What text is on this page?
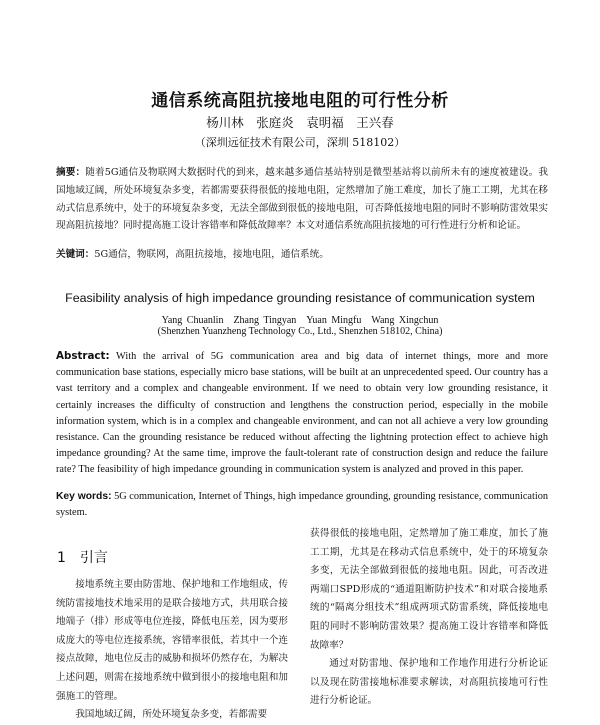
通信系统高阻抗接地电阻的可行性分析
杨川林　张庭炎　袁明福　王兴春
（深圳远征技术有限公司，深圳 518102）
摘要：随着5G通信及物联网大数据时代的到来，越来越多通信基站特别是微型基站将以前所未有的速度被建设。我国地域辽阔，所处环境复杂多变，若都需要获得很低的接地电阻，定然增加了施工难度，加长了施工工期，尤其在移动式信息系统中，处于的环境复杂多变，无法全部做到很低的接地电阻，可否降低接地电阻的同时不影响防雷效果实现高阻抗接地？同时提高施工设计容错率和降低故障率？本文对通信系统高阻抗接地的可行性进行分析和论证。
关键词：5G通信，物联网，高阻抗接地，接地电阻，通信系统。
Feasibility analysis of high impedance grounding resistance of communication system
Yang Chuanlin　Zhang Tingyan　Yuan Mingfu　Wang Xingchun
(Shenzhen Yuanzheng Technology Co., Ltd., Shenzhen 518102, China)
Abstract: With the arrival of 5G communication area and big data of internet things, more and more communication base stations, especially micro base stations, will be built at an unprecedented speed. Our country has a vast territory and a complex and changeable environment. If we need to obtain very low grounding resistance, it certainly increases the difficulty of construction and lengthens the construction period, especially in the mobile information system, which is in a complex and changeable environment, and can not all achieve a very low grounding resistance. Can the grounding resistance be reduced without affecting the lightning protection effect to achieve high impedance grounding? At the same time, improve the fault-tolerant rate of construction design and reduce the failure rate? The feasibility of high impedance grounding in communication system is analyzed and proved in this paper.
Key words: 5G communication, Internet of Things, high impedance grounding, grounding resistance, communication system.
1　引言

接地系统主要由防雷地、保护地和工作地组成，传统防雷接地技术地采用的是联合接地方式，共用联合接地端子（排）形成等电位连接，降低电压差，因为要形成庞大的等电位连接系统，容错率很低，若其中一个连接点故障，地电位反击的威胁和损坏仍然存在，为解决上述问题，则需在接地系统中做到很小的接地电阻和加强施工的管理。

我国地域辽阔，所处环境复杂多变，若都需要

获得很低的接地电阻，定然增加了施工难度，加长了施工工期，尤其是在移动式信息系统中，处于的环境复杂多变，无法全部做到很低的接地电阻。因此，可否改进两端口SPD形成的“通道阻断防护技术”和对联合接地系统的“隔离分组技术”组成两项式防雷系统，降低接地电阻的同时不影响防雷效果？提高施工设计容错率和降低故障率？

通过对防雷地、保护地和工作地作用进行分析论证以及现在防雷接地标准要求解读，对高阻抗接地可行性进行分析论证。
